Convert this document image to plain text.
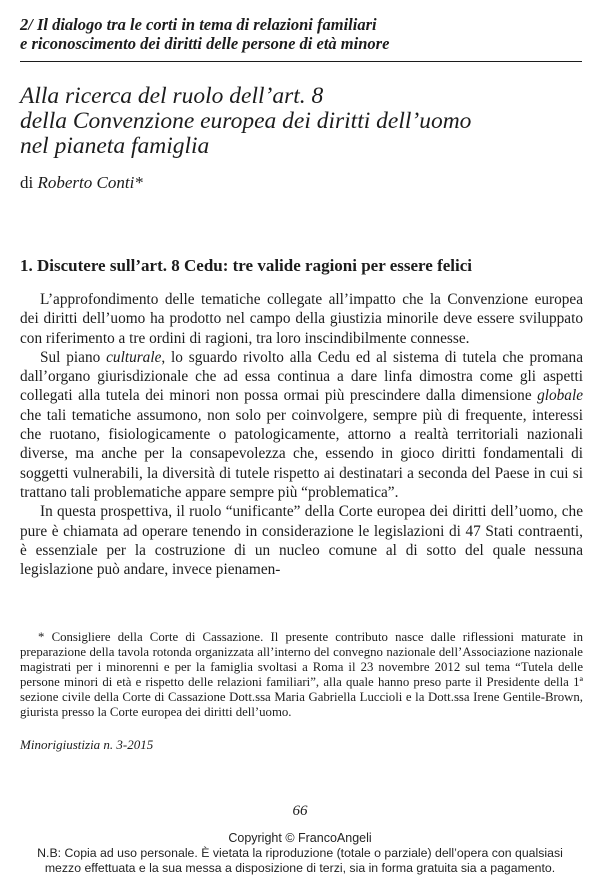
2/ Il dialogo tra le corti in tema di relazioni familiari
e riconoscimento dei diritti delle persone di età minore
Alla ricerca del ruolo dell’art. 8
della Convenzione europea dei diritti dell’uomo
nel pianeta famiglia
di Roberto Conti*
1. Discutere sull’art. 8 Cedu: tre valide ragioni per essere felici

L’approfondimento delle tematiche collegate all’impatto che la Convenzione europea dei diritti dell’uomo ha prodotto nel campo della giustizia minorile deve essere sviluppato con riferimento a tre ordini di ragioni, tra loro inscindibilmente connesse.

Sul piano culturale, lo sguardo rivolto alla Cedu ed al sistema di tutela che promana dall’organo giurisdizionale che ad essa continua a dare linfa dimostra come gli aspetti collegati alla tutela dei minori non possa ormai più prescindere dalla dimensione globale che tali tematiche assumono, non solo per coinvolgere, sempre più di frequente, interessi che ruotano, fisiologicamente o patologicamente, attorno a realtà territoriali nazionali diverse, ma anche per la consapevolezza che, essendo in gioco diritti fondamentali di soggetti vulnerabili, la diversità di tutele rispetto ai destinatari a seconda del Paese in cui si trattano tali problematiche appare sempre più “problematica”.

In questa prospettiva, il ruolo “unificante” della Corte europea dei diritti dell’uomo, che pure è chiamata ad operare tenendo in considerazione le legislazioni di 47 Stati contraenti, è essenziale per la costruzione di un nucleo comune al di sotto del quale nessuna legislazione può andare, invece pienamen-

* Consigliere della Corte di Cassazione. Il presente contributo nasce dalle riflessioni maturate in preparazione della tavola rotonda organizzata all’interno del convegno nazionale dell’Associazione nazionale magistrati per i minorenni e per la famiglia svoltasi a Roma il 23 novembre 2012 sul tema “Tutela delle persone minori di età e rispetto delle relazioni familiari”, alla quale hanno preso parte il Presidente della 1ª sezione civile della Corte di Cassazione Dott.ssa Maria Gabriella Luccioli e la Dott.ssa Irene Gentile-Brown, giurista presso la Corte europea dei diritti dell’uomo.

Minorigiustizia n. 3-2015
66
Copyright © FrancoAngeli
N.B: Copia ad uso personale. È vietata la riproduzione (totale o parziale) dell’opera con qualsiasi
mezzo effettuata e la sua messa a disposizione di terzi, sia in forma gratuita sia a pagamento.
